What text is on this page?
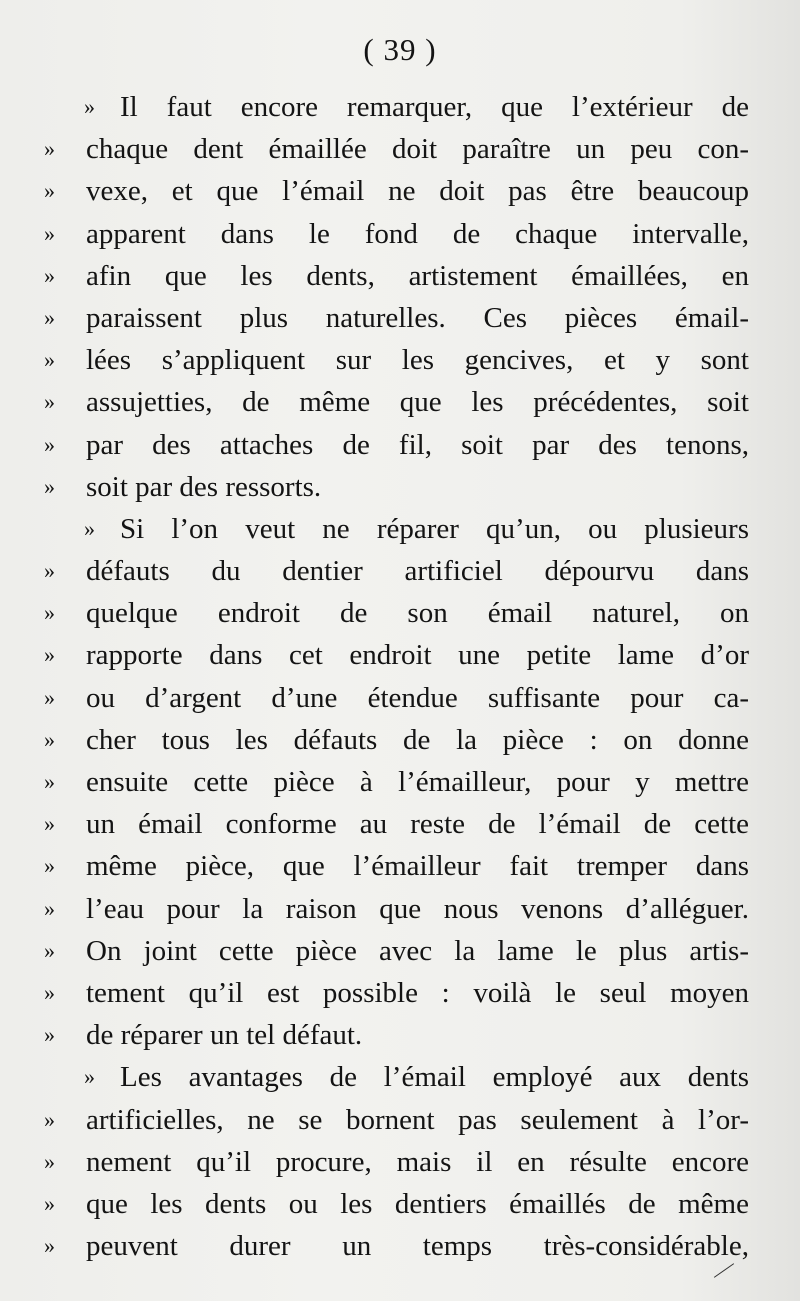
( 39 )
» Il faut encore remarquer, que l’extérieur de
»	chaque dent émaillée doit paraître un peu con-
»	vexe, et que l’émail ne doit pas être beaucoup
»	apparent dans le fond de chaque intervalle,
»	afin que les dents, artistement émaillées, en
»	paraissent plus naturelles. Ces pièces émail-
»	lées s’appliquent sur les gencives, et y sont
»	assujetties, de même que les précédentes, soit
»	par des attaches de fil, soit par des tenons,
»	soit par des ressorts.
» Si l’on veut ne réparer qu’un, ou plusieurs
»	défauts du dentier artificiel dépourvu dans
»	quelque endroit de son émail naturel, on
»	rapporte dans cet endroit une petite lame d’or
»	ou d’argent d’une étendue suffisante pour ca-
»	cher tous les défauts de la pièce : on donne
»	ensuite cette pièce à l’émailleur, pour y mettre
»	un émail conforme au reste de l’émail de cette
»	même pièce, que l’émailleur fait tremper dans
»	l’eau pour la raison que nous venons d’alléguer.
»	On joint cette pièce avec la lame le plus artis-
»	tement qu’il est possible : voilà le seul moyen
»	de réparer un tel défaut.
» Les avantages de l’émail employé aux dents
»	artificielles, ne se bornent pas seulement à l’or-
»	nement qu’il procure, mais il en résulte encore
»	que les dents ou les dentiers émaillés de même
»	peuvent durer un temps très-considérable,
